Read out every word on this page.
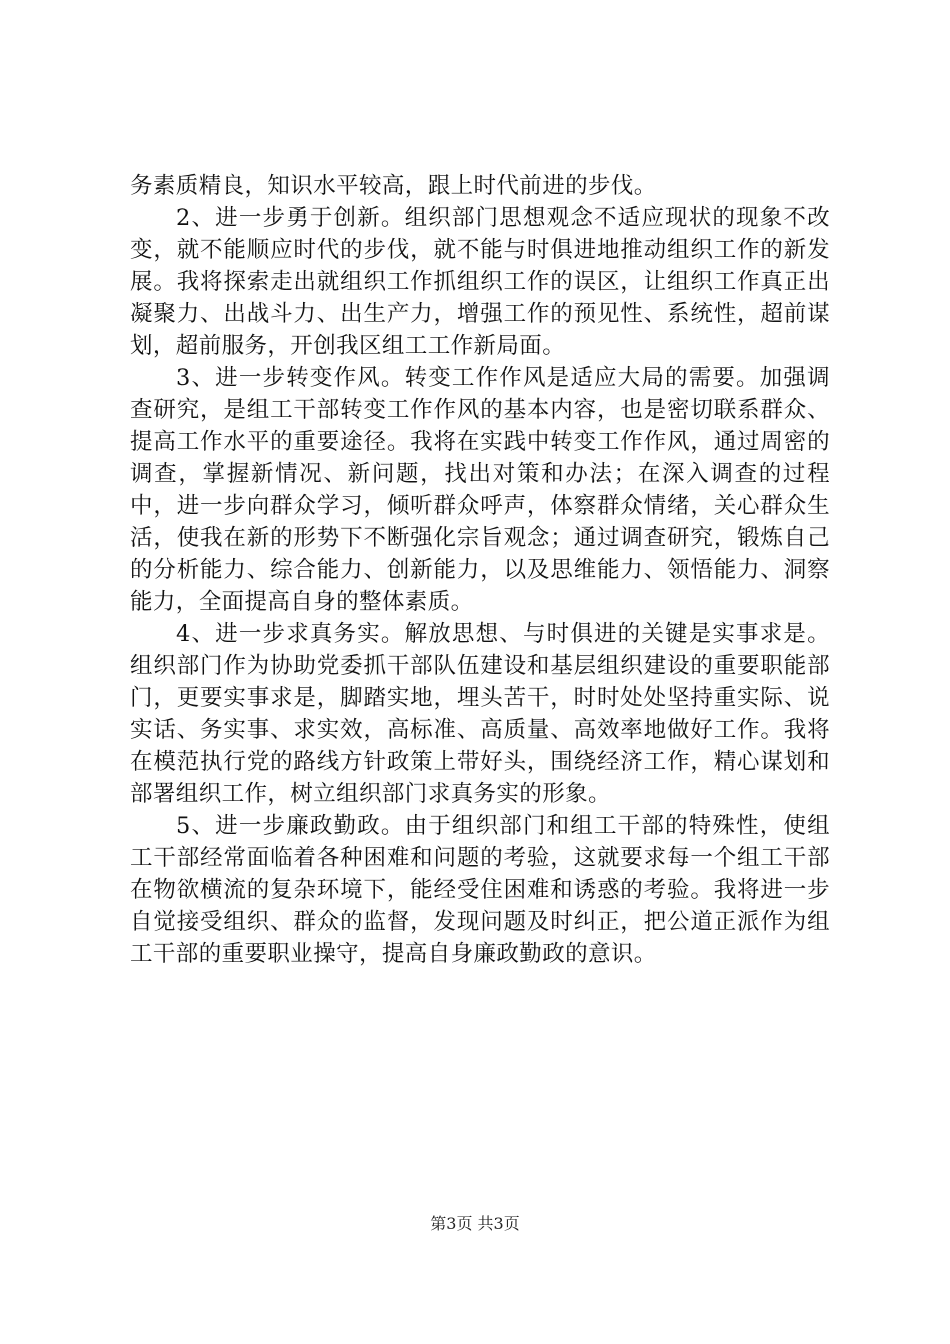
务素质精良，知识水平较高，跟上时代前进的步伐。

2、进一步勇于创新。组织部门思想观念不适应现状的现象不改变，就不能顺应时代的步伐，就不能与时俱进地推动组织工作的新发展。我将探索走出就组织工作抓组织工作的误区，让组织工作真正出凝聚力、出战斗力、出生产力，增强工作的预见性、系统性，超前谋划，超前服务，开创我区组工工作新局面。

3、进一步转变作风。转变工作作风是适应大局的需要。加强调查研究，是组工干部转变工作作风的基本内容，也是密切联系群众、提高工作水平的重要途径。我将在实践中转变工作作风，通过周密的调查，掌握新情况、新问题，找出对策和办法；在深入调查的过程中，进一步向群众学习，倾听群众呼声，体察群众情绪，关心群众生活，使我在新的形势下不断强化宗旨观念；通过调查研究，锻炼自己的分析能力、综合能力、创新能力，以及思维能力、领悟能力、洞察能力，全面提高自身的整体素质。

4、进一步求真务实。解放思想、与时俱进的关键是实事求是。组织部门作为协助党委抓干部队伍建设和基层组织建设的重要职能部门，更要实事求是，脚踏实地，埋头苦干，时时处处坚持重实际、说实话、务实事、求实效，高标准、高质量、高效率地做好工作。我将在模范执行党的路线方针政策上带好头，围绕经济工作，精心谋划和部署组织工作，树立组织部门求真务实的形象。

5、进一步廉政勤政。由于组织部门和组工干部的特殊性，使组工干部经常面临着各种困难和问题的考验，这就要求每一个组工干部在物欲横流的复杂环境下，能经受住困难和诱惑的考验。我将进一步自觉接受组织、群众的监督，发现问题及时纠正，把公道正派作为组工干部的重要职业操守，提高自身廉政勤政的意识。

第3页 共3页
